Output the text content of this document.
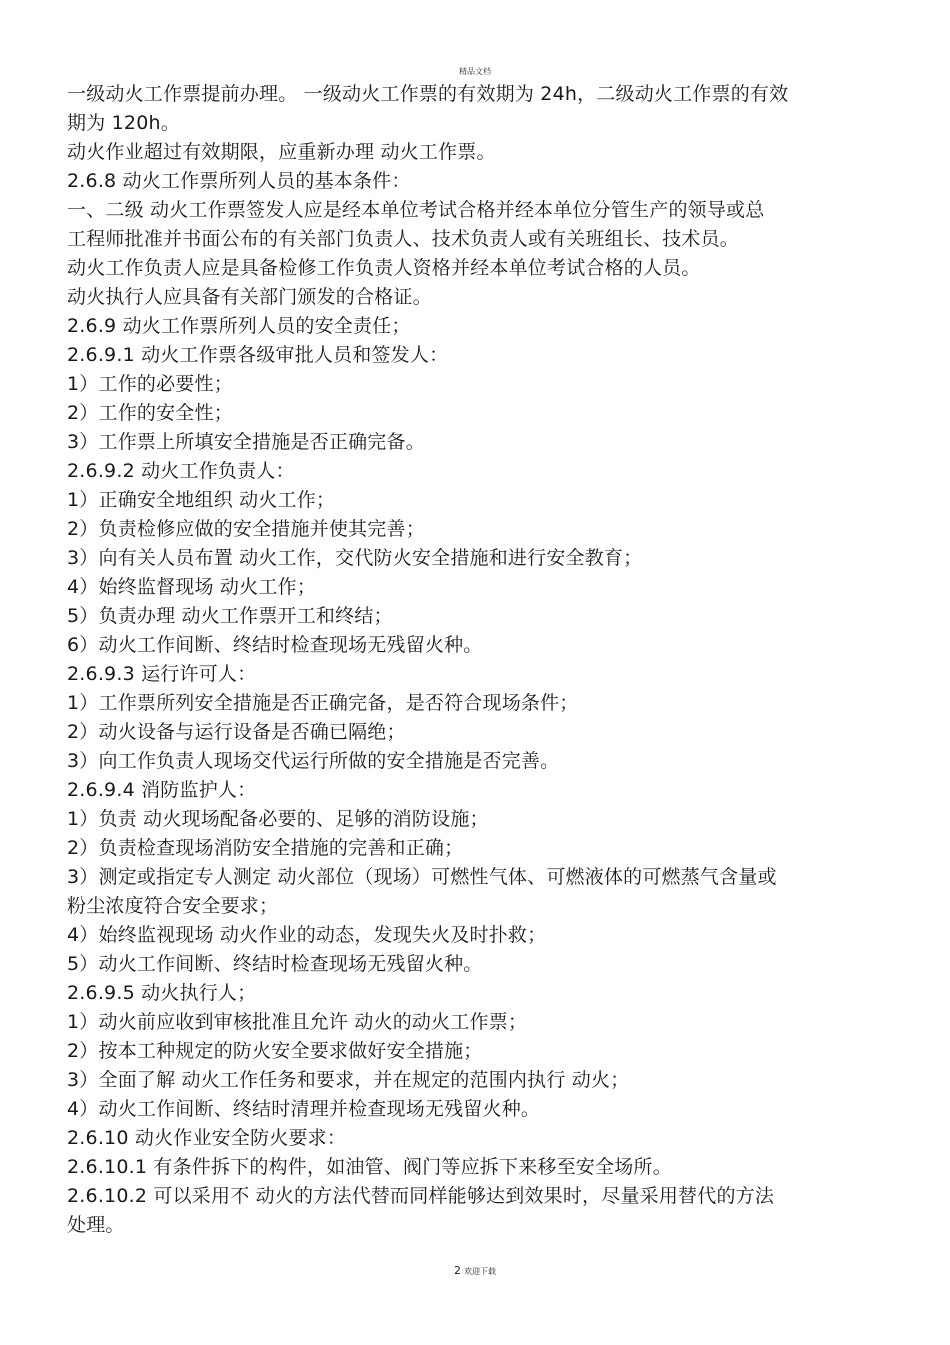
精品文档
一级动火工作票提前办理。 一级动火工作票的有效期为 24h，二级动火工作票的有效
期为 120h。
动火作业超过有效期限，应重新办理 动火工作票。
2.6.8 动火工作票所列人员的基本条件：
一、二级 动火工作票签发人应是经本单位考试合格并经本单位分管生产的领导或总
工程师批准并书面公布的有关部门负责人、技术负责人或有关班组长、技术员。
动火工作负责人应是具备检修工作负责人资格并经本单位考试合格的人员。
动火执行人应具备有关部门颁发的合格证。
2.6.9 动火工作票所列人员的安全责任；
2.6.9.1 动火工作票各级审批人员和签发人：
1）工作的必要性；
2）工作的安全性；
3）工作票上所填安全措施是否正确完备。
2.6.9.2 动火工作负责人：
1）正确安全地组织 动火工作；
2）负责检修应做的安全措施并使其完善；
3）向有关人员布置 动火工作，交代防火安全措施和进行安全教育；
4）始终监督现场 动火工作；
5）负责办理 动火工作票开工和终结；
6）动火工作间断、终结时检查现场无残留火种。
2.6.9.3 运行许可人：
1）工作票所列安全措施是否正确完备，是否符合现场条件；
2）动火设备与运行设备是否确已隔绝；
3）向工作负责人现场交代运行所做的安全措施是否完善。
2.6.9.4 消防监护人：
1）负责 动火现场配备必要的、足够的消防设施；
2）负责检查现场消防安全措施的完善和正确；
3）测定或指定专人测定 动火部位（现场）可燃性气体、可燃液体的可燃蒸气含量或
粉尘浓度符合安全要求；
4）始终监视现场 动火作业的动态，发现失火及时扑救；
5）动火工作间断、终结时检查现场无残留火种。
2.6.9.5 动火执行人；
1）动火前应收到审核批准且允许 动火的动火工作票；
2）按本工种规定的防火安全要求做好安全措施；
3）全面了解 动火工作任务和要求，并在规定的范围内执行 动火；
4）动火工作间断、终结时清理并检查现场无残留火种。
2.6.10 动火作业安全防火要求：
2.6.10.1 有条件拆下的构件，如油管、阀门等应拆下来移至安全场所。
2.6.10.2 可以采用不 动火的方法代替而同样能够达到效果时，尽量采用替代的方法
处理。
2 欢迎下载
